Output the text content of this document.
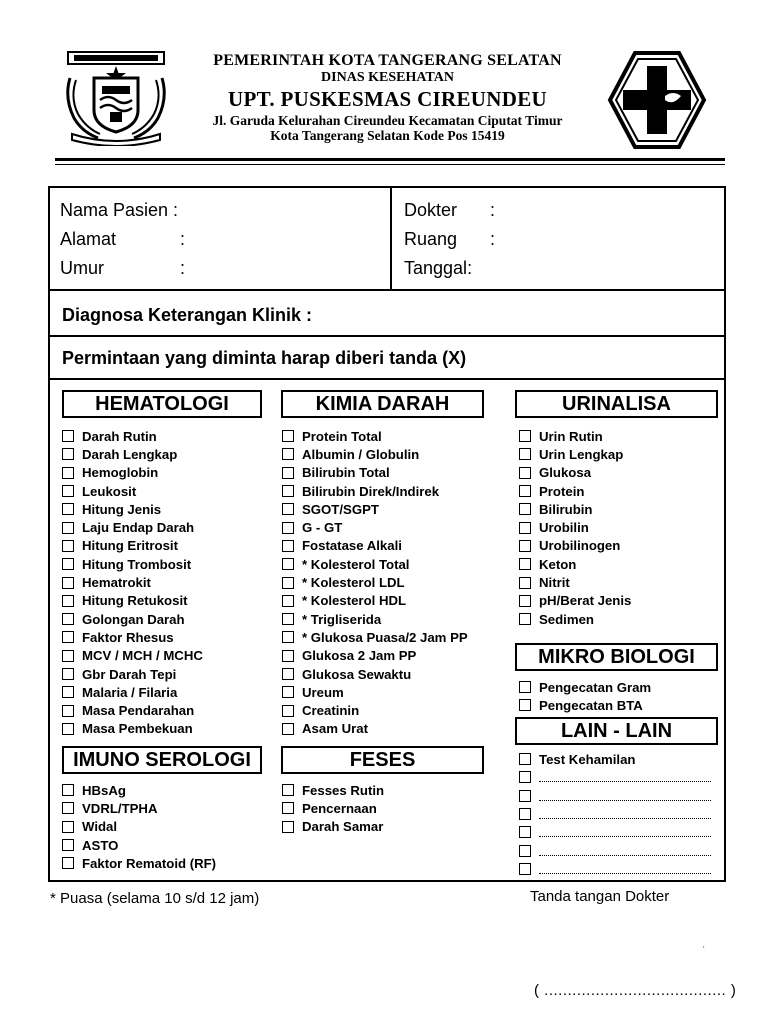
PEMERINTAH KOTA TANGERANG SELATAN
DINAS KESEHATAN
UPT. PUSKESMAS CIREUNDEU
Jl. Garuda Kelurahan Cireundeu Kecamatan Ciputat Timur
Kota Tangerang Selatan Kode Pos 15419
Nama Pasien :
Alamat	:
Umur	:
Dokter	:
Ruang	:
Tanggal :
Diagnosa Keterangan Klinik :
Permintaan yang diminta harap diberi tanda (X)
HEMATOLOGI	KIMIA DARAH	URINALISA
MIKRO BIOLOGI
LAIN - LAIN
IMUNO SEROLOGI	FESES
Darah Rutin
Darah Lengkap
Hemoglobin
Leukosit
Hitung Jenis
Laju Endap Darah
Hitung Eritrosit
Hitung Trombosit
Hematrokit
Hitung Retukosit
Golongan Darah
Faktor Rhesus
MCV / MCH / MCHC
Gbr Darah Tepi
Malaria / Filaria
Masa Pendarahan
Masa Pembekuan
Protein Total
Albumin / Globulin
Bilirubin Total
Bilirubin Direk/Indirek
SGOT/SGPT
G - GT
Fostatase Alkali
* Kolesterol Total
* Kolesterol LDL
* Kolesterol HDL
* Trigliserida
* Glukosa Puasa/2 Jam PP
Glukosa 2 Jam PP
Glukosa Sewaktu
Ureum
Creatinin
Asam Urat
Urin Rutin
Urin Lengkap
Glukosa
Protein
Bilirubin
Urobilin
Urobilinogen
Keton
Nitrit
pH/Berat Jenis
Sedimen
Pengecatan Gram
Pengecatan BTA
Test Kehamilan
HBsAg
VDRL/TPHA
Widal
ASTO
Faktor Rematoid (RF)
Fesses Rutin
Pencernaan
Darah Samar
* Puasa (selama 10 s/d 12 jam)	Tanda tangan Dokter
ˑ
( ....................................... )
